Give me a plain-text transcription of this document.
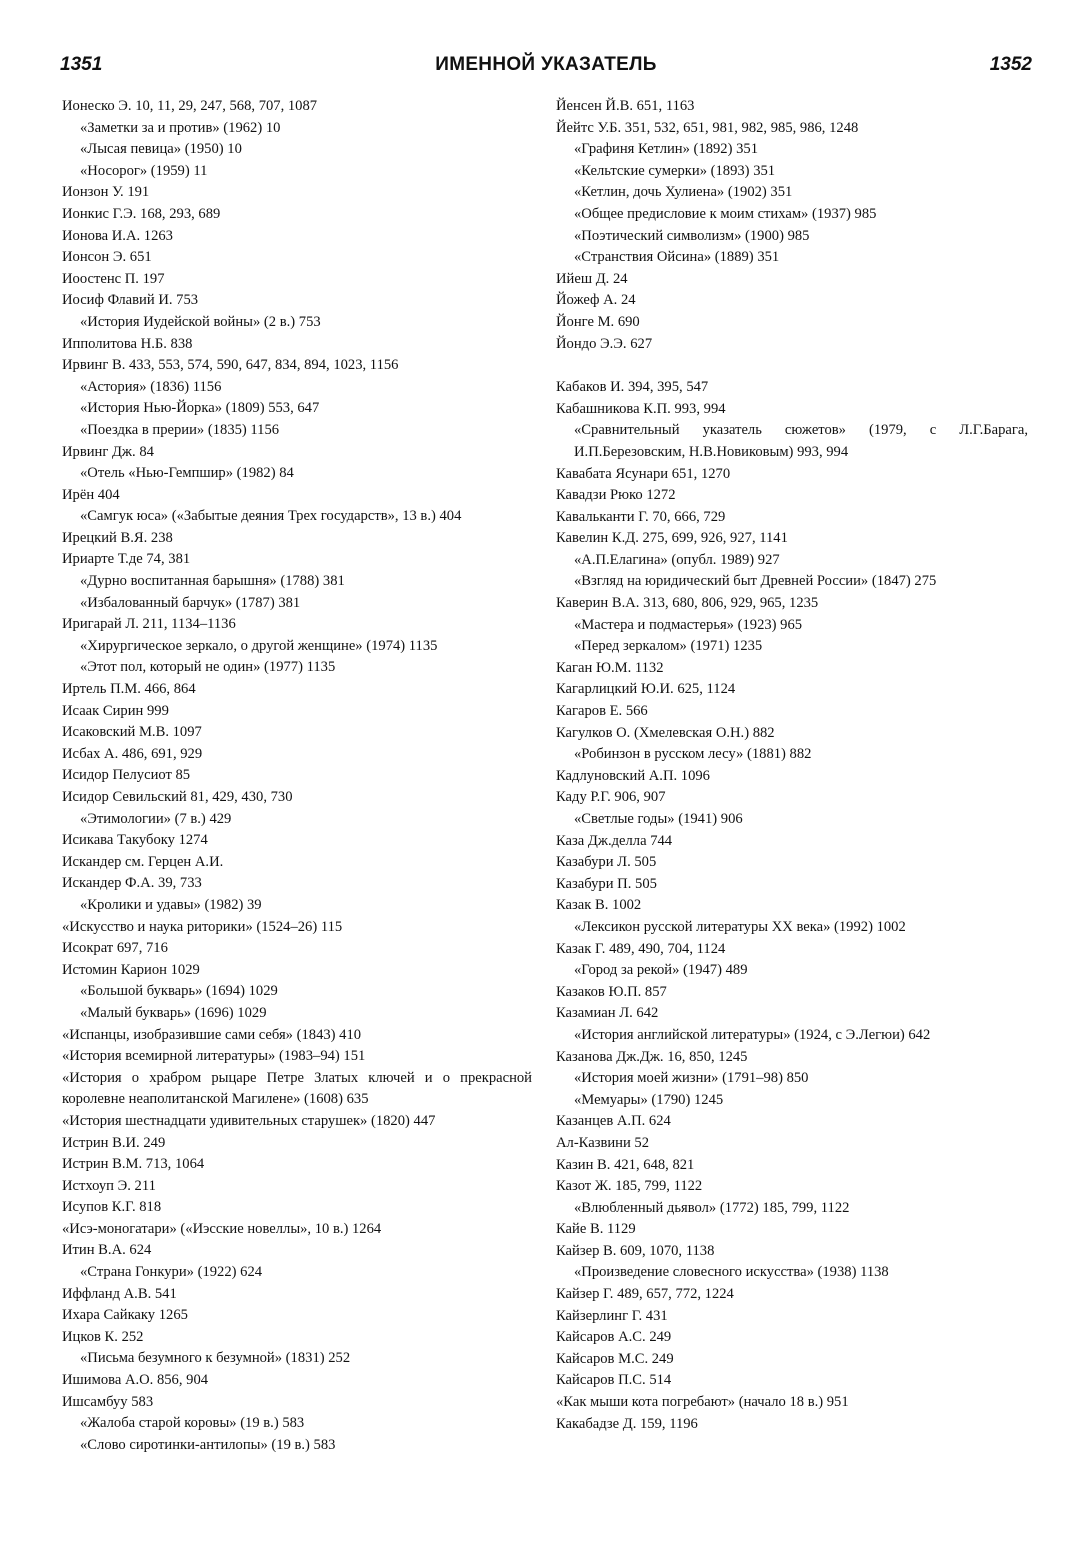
1351	ИМЕННОЙ УКАЗАТЕЛЬ	1352
Ионеско Э. 10, 11, 29, 247, 568, 707, 1087
«Заметки за и против» (1962) 10
«Лысая певица» (1950) 10
«Носорог» (1959) 11
Ионзон У. 191
Ионкис Г.Э. 168, 293, 689
Ионова И.А. 1263
Ионсон Э. 651
Иоостенс П. 197
Иосиф Флавий И. 753
«История Иудейской войны» (2 в.) 753
Ипполитова Н.Б. 838
Ирвинг В. 433, 553, 574, 590, 647, 834, 894, 1023, 1156
«Астория» (1836) 1156
«История Нью-Йорка» (1809) 553, 647
«Поездка в прерии» (1835) 1156
Ирвинг Дж. 84
«Отель «Нью-Гемпшир» (1982) 84
Ирён 404
«Самгук юса» («Забытые деяния Трех государств», 13 в.) 404
Ирецкий В.Я. 238
Ириарте Т.де 74, 381
«Дурно воспитанная барышня» (1788) 381
«Избалованный барчук» (1787) 381
Иригарай Л. 211, 1134–1136
«Хирургическое зеркало, о другой женщине» (1974) 1135
«Этот пол, который не один» (1977) 1135
Иртель П.М. 466, 864
Исаак Сирин 999
Исаковский М.В. 1097
Исбах А. 486, 691, 929
Исидор Пелусиот 85
Исидор Севильский 81, 429, 430, 730
«Этимологии» (7 в.) 429
Исикава Такубоку 1274
Искандер см. Герцен А.И.
Искандер Ф.А. 39, 733
«Кролики и удавы» (1982) 39
«Искусство и наука риторики» (1524–26) 115
Исократ 697, 716
Истомин Карион 1029
«Большой букварь» (1694) 1029
«Малый букварь» (1696) 1029
«Испанцы, изобразившие сами себя» (1843) 410
«История всемирной литературы» (1983–94) 151
«История о храбром рыцаре Петре Златых ключей и о прекрасной королевне неаполитанской Магилене» (1608) 635
«История шестнадцати удивительных старушек» (1820) 447
Истрин В.И. 249
Истрин В.М. 713, 1064
Истхоуп Э. 211
Исупов К.Г. 818
«Исэ-моногатари» («Иэсские новеллы», 10 в.) 1264
Итин В.А. 624
«Страна Гонкури» (1922) 624
Иффланд А.В. 541
Ихара Сайкаку 1265
Ицков К. 252
«Письма безумного к безумной» (1831) 252
Ишимова А.О. 856, 904
Ишсамбуу 583
«Жалоба старой коровы» (19 в.) 583
«Слово сиротинки-антилопы» (19 в.) 583
Йенсен Й.В. 651, 1163
Йейтс У.Б. 351, 532, 651, 981, 982, 985, 986, 1248
«Графиня Кетлин» (1892) 351
«Кельтские сумерки» (1893) 351
«Кетлин, дочь Хулиена» (1902) 351
«Общее предисловие к моим стихам» (1937) 985
«Поэтический символизм» (1900) 985
«Странствия Ойсина» (1889) 351
Ийеш Д. 24
Йожеф А. 24
Йонге М. 690
Йондо Э.Э. 627
Кабаков И. 394, 395, 547
Кабашникова К.П. 993, 994
«Сравнительный указатель сюжетов» (1979, с Л.Г.Барага, И.П.Березовским, Н.В.Новиковым) 993, 994
Кавабата Ясунари 651, 1270
Кавадзи Рюко 1272
Кавальканти Г. 70, 666, 729
Кавелин К.Д. 275, 699, 926, 927, 1141
«А.П.Елагина» (опубл. 1989) 927
«Взгляд на юридический быт Древней России» (1847) 275
Каверин В.А. 313, 680, 806, 929, 965, 1235
«Мастера и подмастерья» (1923) 965
«Перед зеркалом» (1971) 1235
Каган Ю.М. 1132
Кагарлицкий Ю.И. 625, 1124
Кагаров Е. 566
Кагулков О. (Хмелевская О.Н.) 882
«Робинзон в русском лесу» (1881) 882
Кадлуновский А.П. 1096
Каду Р.Г. 906, 907
«Светлые годы» (1941) 906
Каза Дж.делла 744
Казабури Л. 505
Казабури П. 505
Казак В. 1002
«Лексикон русской литературы XX века» (1992) 1002
Казак Г. 489, 490, 704, 1124
«Город за рекой» (1947) 489
Казаков Ю.П. 857
Казамиан Л. 642
«История английской литературы» (1924, с Э.Легюи) 642
Казанова Дж.Дж. 16, 850, 1245
«История моей жизни» (1791–98) 850
«Мемуары» (1790) 1245
Казанцев А.П. 624
Ал-Казвини 52
Казин В. 421, 648, 821
Казот Ж. 185, 799, 1122
«Влюбленный дьявол» (1772) 185, 799, 1122
Кайе В. 1129
Кайзер В. 609, 1070, 1138
«Произведение словесного искусства» (1938) 1138
Кайзер Г. 489, 657, 772, 1224
Кайзерлинг Г. 431
Кайсаров А.С. 249
Кайсаров М.С. 249
Кайсаров П.С. 514
«Как мыши кота погребают» (начало 18 в.) 951
Какабадзе Д. 159, 1196
